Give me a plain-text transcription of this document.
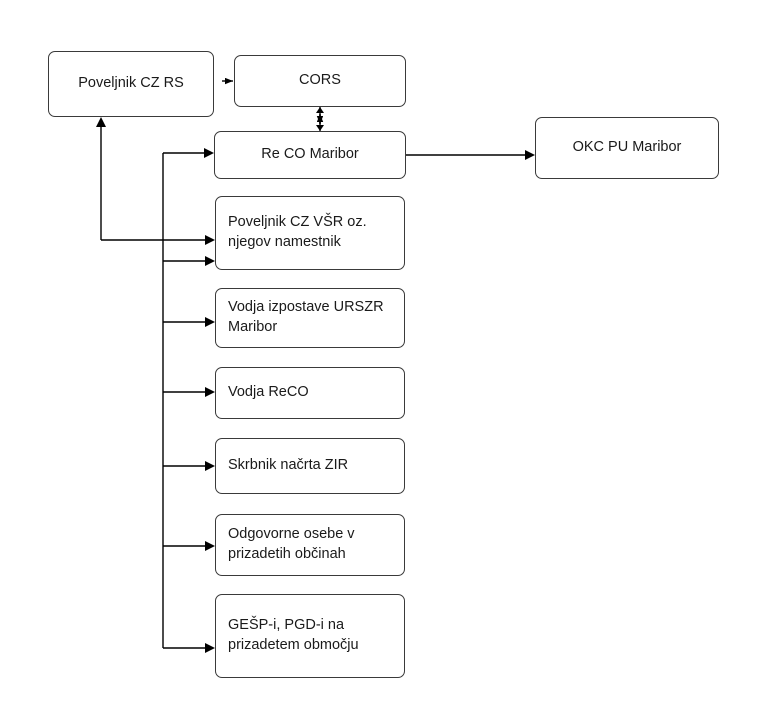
Poveljnik CZ RS	CORS
Re CO Maribor	OKC PU Maribor
Poveljnik CZ VŠR oz. njegov namestnik
Vodja izpostave URSZR Maribor
Vodja ReCO
Skrbnik načrta ZIR
Odgovorne osebe v prizadetih občinah
GEŠP-i, PGD-i na prizadetem območju
